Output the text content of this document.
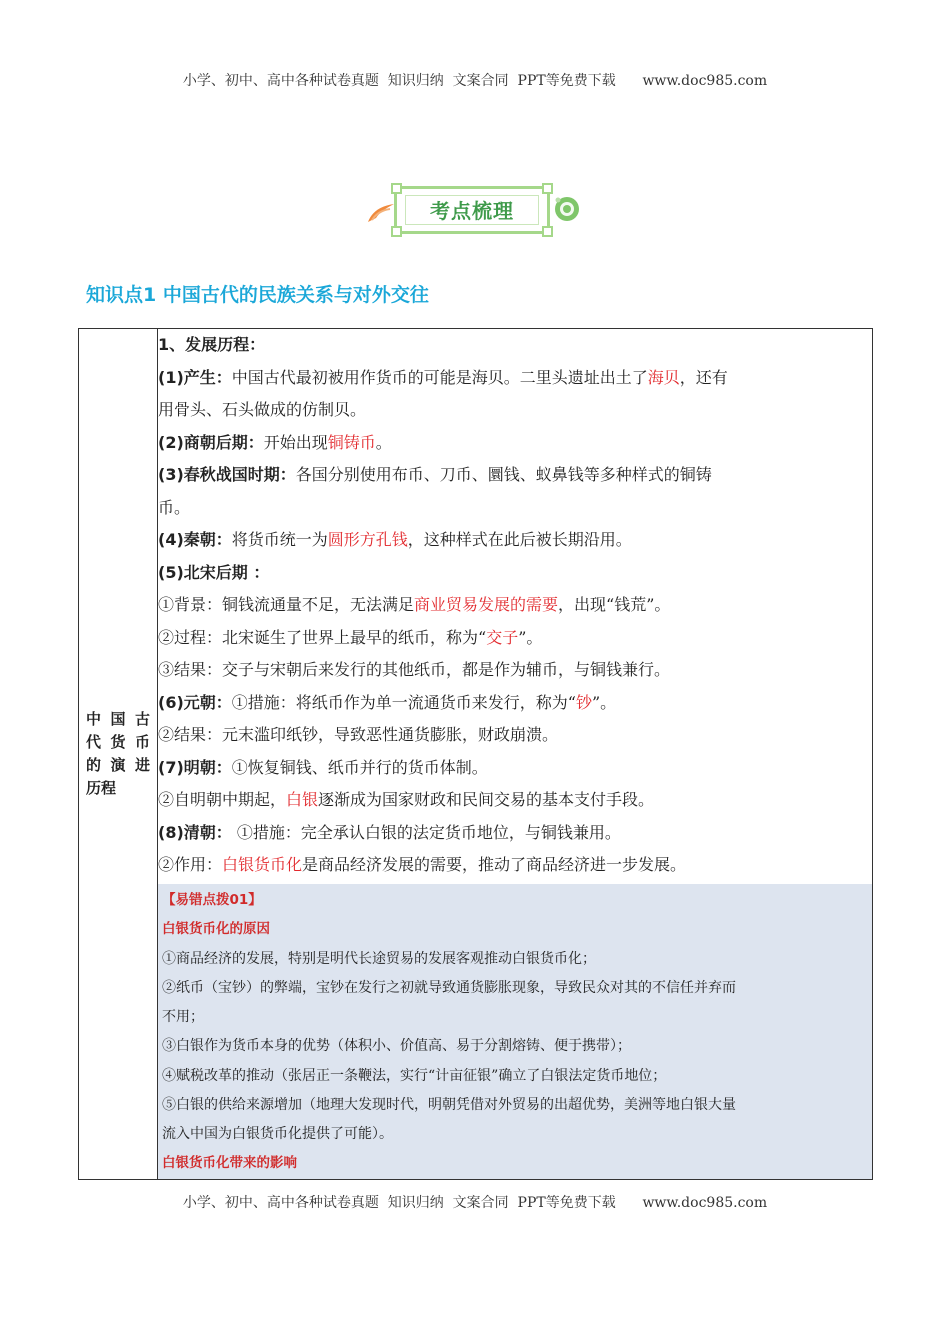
小学、初中、高中各种试卷真题  知识归纳  文案合同  PPT等免费下载      www.doc985.com
考点梳理
知识点1 中国古代的民族关系与对外交往
中国古
代货币
的演进
历程

1、发展历程：
(1)产生：中国古代最初被用作货币的可能是海贝。二里头遗址出土了海贝，还有
用骨头、石头做成的仿制贝。
(2)商朝后期：开始出现铜铸币。
(3)春秋战国时期：各国分别使用布币、刀币、圜钱、蚁鼻钱等多种样式的铜铸
币。
(4)秦朝：将货币统一为圆形方孔钱，这种样式在此后被长期沿用。
(5)北宋后期 ：
①背景：铜钱流通量不足，无法满足商业贸易发展的需要，出现“钱荒”。
②过程：北宋诞生了世界上最早的纸币，称为“交子”。
③结果：交子与宋朝后来发行的其他纸币，都是作为辅币，与铜钱兼行。
(6)元朝：①措施：将纸币作为单一流通货币来发行，称为“钞”。
②结果：元末滥印纸钞，导致恶性通货膨胀，财政崩溃。
(7)明朝：①恢复铜钱、纸币并行的货币体制。
②自明朝中期起，白银逐渐成为国家财政和民间交易的基本支付手段。
(8)清朝： ①措施：完全承认白银的法定货币地位，与铜钱兼用。
②作用：白银货币化是商品经济发展的需要，推动了商品经济进一步发展。
【易错点拨01】
白银货币化的原因
①商品经济的发展，特别是明代长途贸易的发展客观推动白银货币化；
②纸币（宝钞）的弊端，宝钞在发行之初就导致通货膨胀现象，导致民众对其的不信任并弃而
不用；
③白银作为货币本身的优势（体积小、价值高、易于分割熔铸、便于携带）；
④赋税改革的推动（张居正一条鞭法，实行“计亩征银”确立了白银法定货币地位；
⑤白银的供给来源增加（地理大发现时代，明朝凭借对外贸易的出超优势，美洲等地白银大量
流入中国为白银货币化提供了可能）。
白银货币化带来的影响
小学、初中、高中各种试卷真题  知识归纳  文案合同  PPT等免费下载      www.doc985.com
